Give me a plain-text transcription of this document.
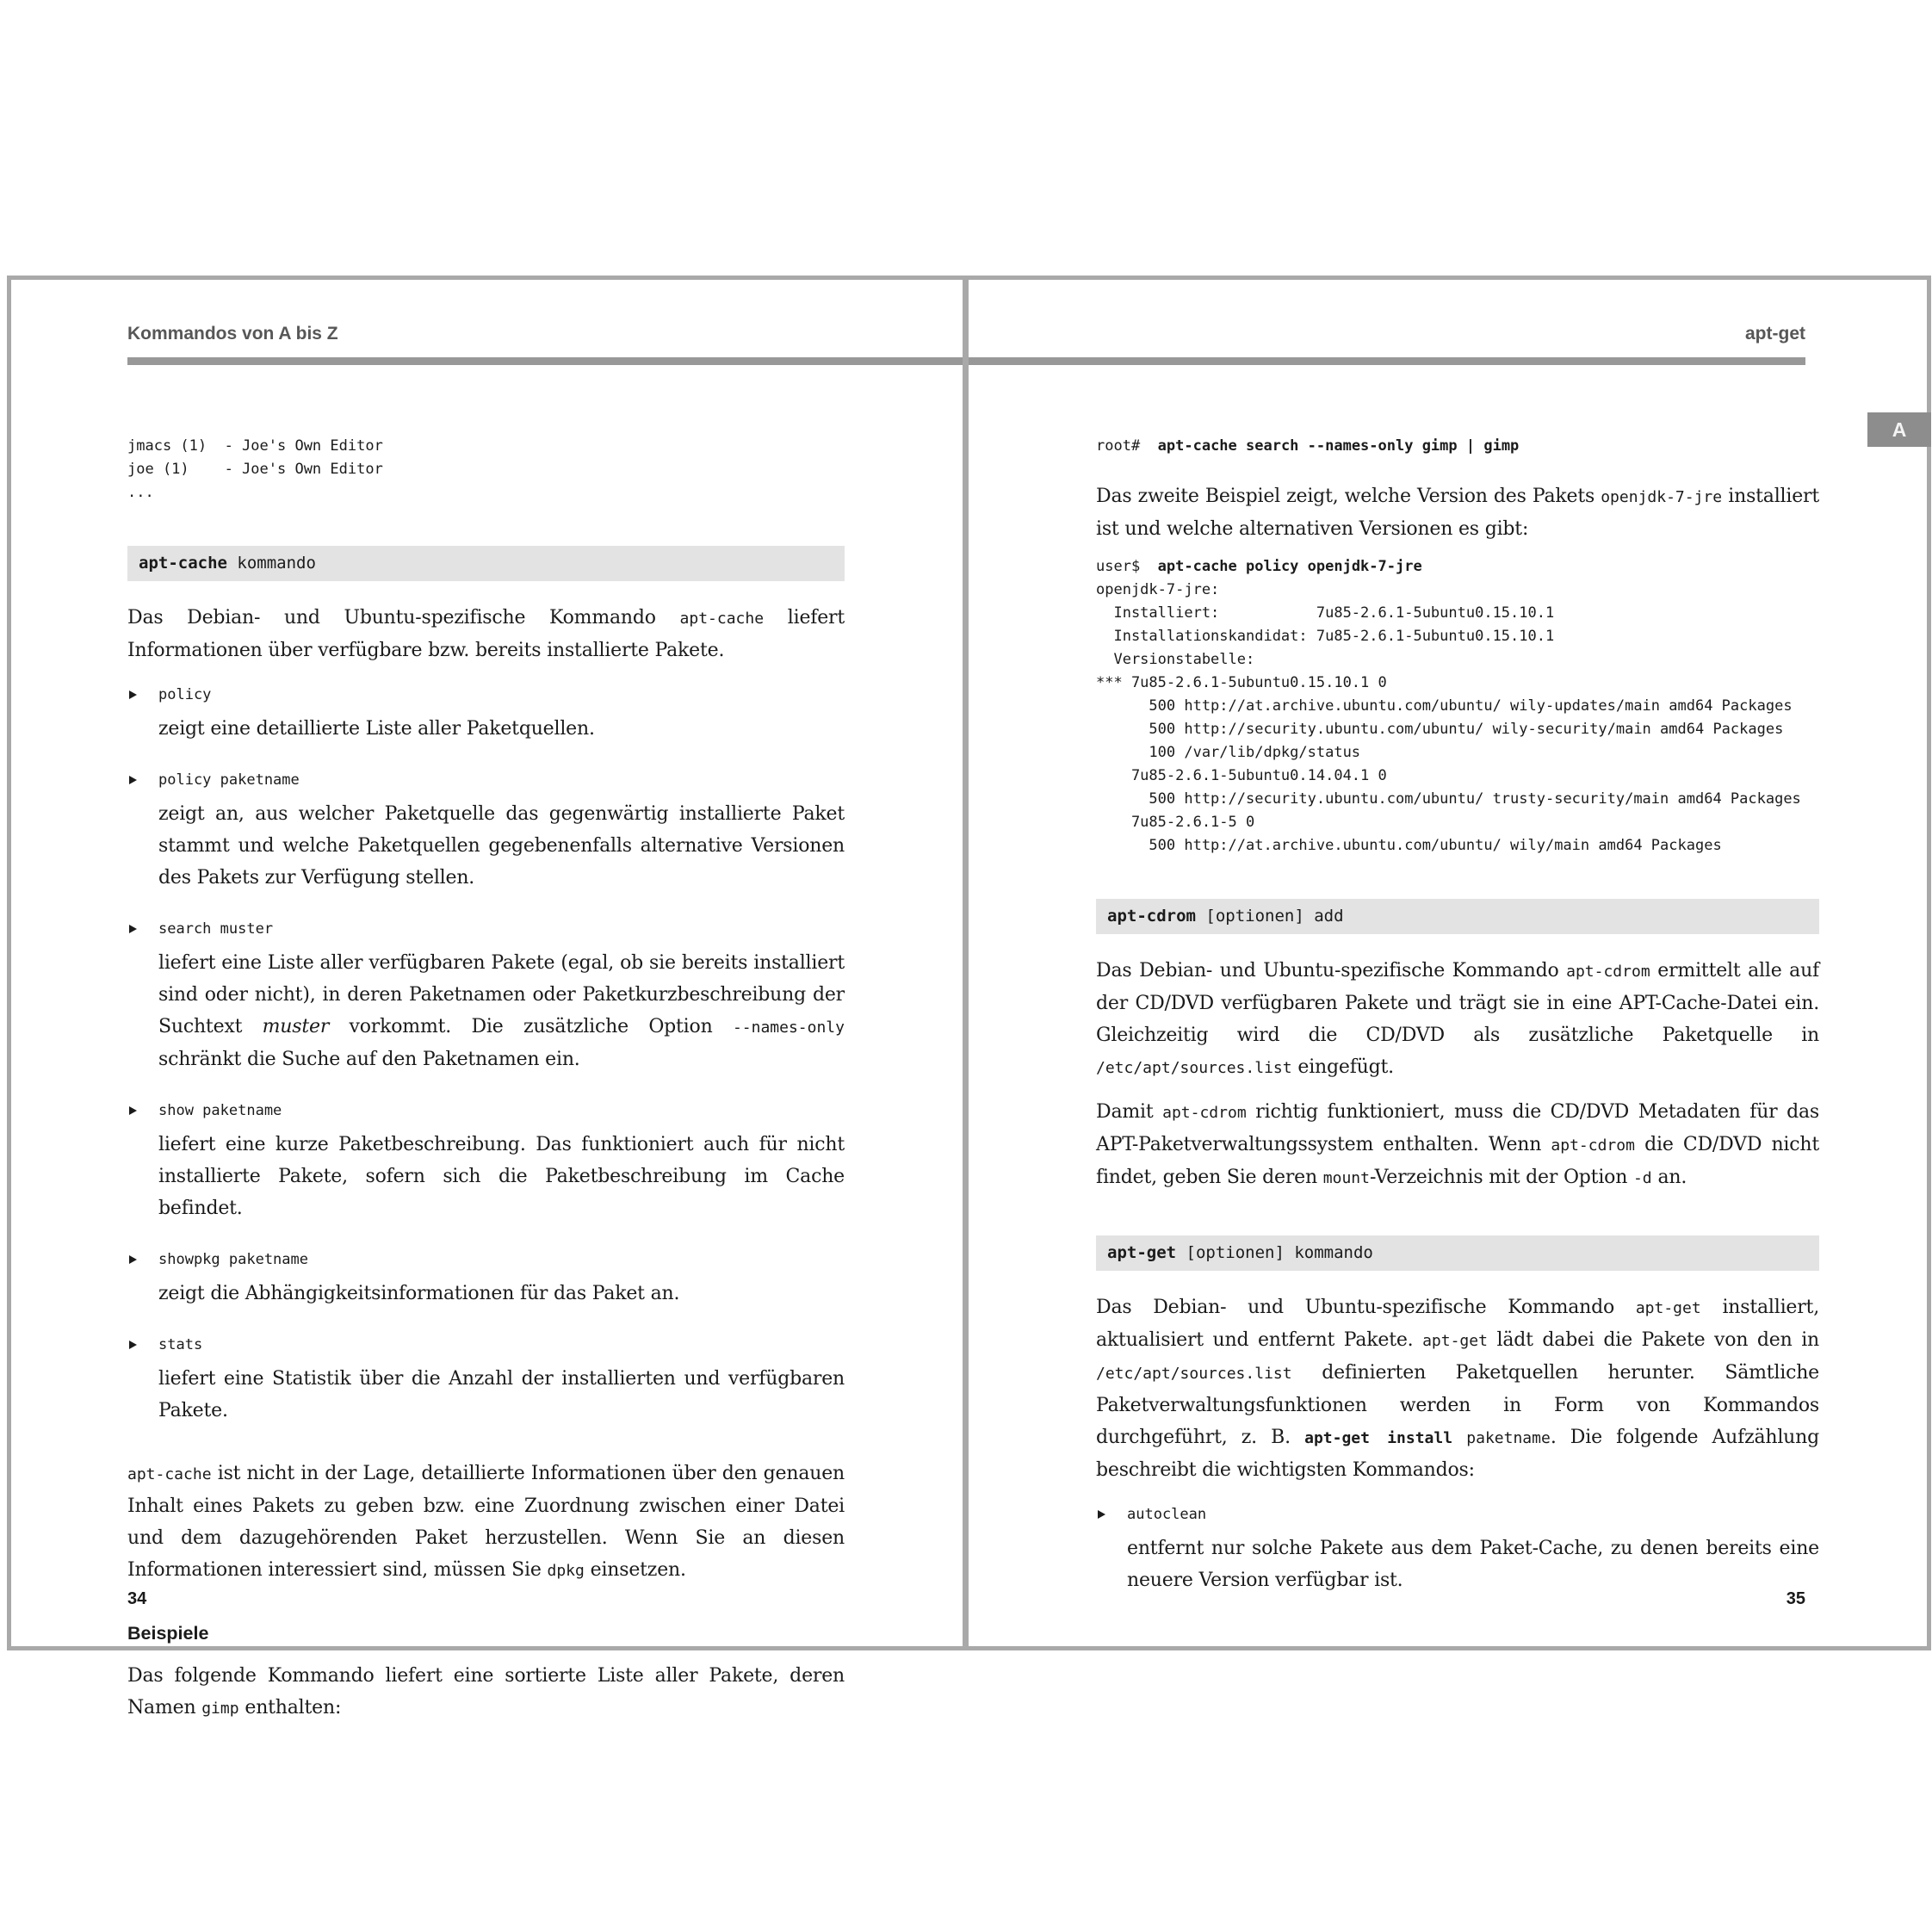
Kommandos von A bis Z	apt-get
A
jmacs (1)  - Joe's Own Editor
joe (1)    - Joe's Own Editor
...
apt-cache kommando
Das Debian- und Ubuntu-spezifische Kommando apt-cache liefert Informationen über verfügbare bzw. bereits installierte Pakete.
policy
zeigt eine detaillierte Liste aller Paketquellen.
policy paketname
zeigt an, aus welcher Paketquelle das gegenwärtig installierte Paket stammt und welche Paketquellen gegebenenfalls alternative Versionen des Pakets zur Verfügung stellen.
search muster
liefert eine Liste aller verfügbaren Pakete (egal, ob sie bereits installiert sind oder nicht), in deren Paketnamen oder Paketkurzbeschreibung der Suchtext muster vorkommt. Die zusätzliche Option --names-only schränkt die Suche auf den Paketnamen ein.
show paketname
liefert eine kurze Paketbeschreibung. Das funktioniert auch für nicht installierte Pakete, sofern sich die Paketbeschreibung im Cache befindet.
showpkg paketname
zeigt die Abhängigkeitsinformationen für das Paket an.
stats
liefert eine Statistik über die Anzahl der installierten und verfügbaren Pakete.
apt-cache ist nicht in der Lage, detaillierte Informationen über den genauen Inhalt eines Pakets zu geben bzw. eine Zuordnung zwischen einer Datei und dem dazugehörenden Paket herzustellen. Wenn Sie an diesen Informationen interessiert sind, müssen Sie dpkg einsetzen.
Beispiele
Das folgende Kommando liefert eine sortierte Liste aller Pakete, deren Namen gimp enthalten:
root#  apt-cache search --names-only gimp | gimp
Das zweite Beispiel zeigt, welche Version des Pakets openjdk-7-jre installiert ist und welche alternativen Versionen es gibt:
user$  apt-cache policy openjdk-7-jre
openjdk-7-jre:
Installiert:           7u85-2.6.1-5ubuntu0.15.10.1
Installationskandidat: 7u85-2.6.1-5ubuntu0.15.10.1
Versionstabelle:
*** 7u85-2.6.1-5ubuntu0.15.10.1 0
500 http://at.archive.ubuntu.com/ubuntu/ wily-updates/main amd64 Packages
500 http://security.ubuntu.com/ubuntu/ wily-security/main amd64 Packages
100 /var/lib/dpkg/status
7u85-2.6.1-5ubuntu0.14.04.1 0
500 http://security.ubuntu.com/ubuntu/ trusty-security/main amd64 Packages
7u85-2.6.1-5 0
500 http://at.archive.ubuntu.com/ubuntu/ wily/main amd64 Packages
apt-cdrom [optionen] add
Das Debian- und Ubuntu-spezifische Kommando apt-cdrom ermittelt alle auf der CD/DVD verfügbaren Pakete und trägt sie in eine APT-Cache-Datei ein. Gleichzeitig wird die CD/DVD als zusätzliche Paketquelle in /etc/apt/sources.list eingefügt.
Damit apt-cdrom richtig funktioniert, muss die CD/DVD Metadaten für das APT-Paketverwaltungssystem enthalten. Wenn apt-cdrom die CD/DVD nicht findet, geben Sie deren mount-Verzeichnis mit der Option -d an.
apt-get [optionen] kommando
Das Debian- und Ubuntu-spezifische Kommando apt-get installiert, aktualisiert und entfernt Pakete. apt-get lädt dabei die Pakete von den in /etc/apt/sources.list definierten Paketquellen herunter. Sämtliche Paketverwaltungsfunktionen werden in Form von Kommandos durchgeführt, z. B. apt-get install paketname. Die folgende Aufzählung beschreibt die wichtigsten Kommandos:
autoclean
entfernt nur solche Pakete aus dem Paket-Cache, zu denen bereits eine neuere Version verfügbar ist.
34	35
